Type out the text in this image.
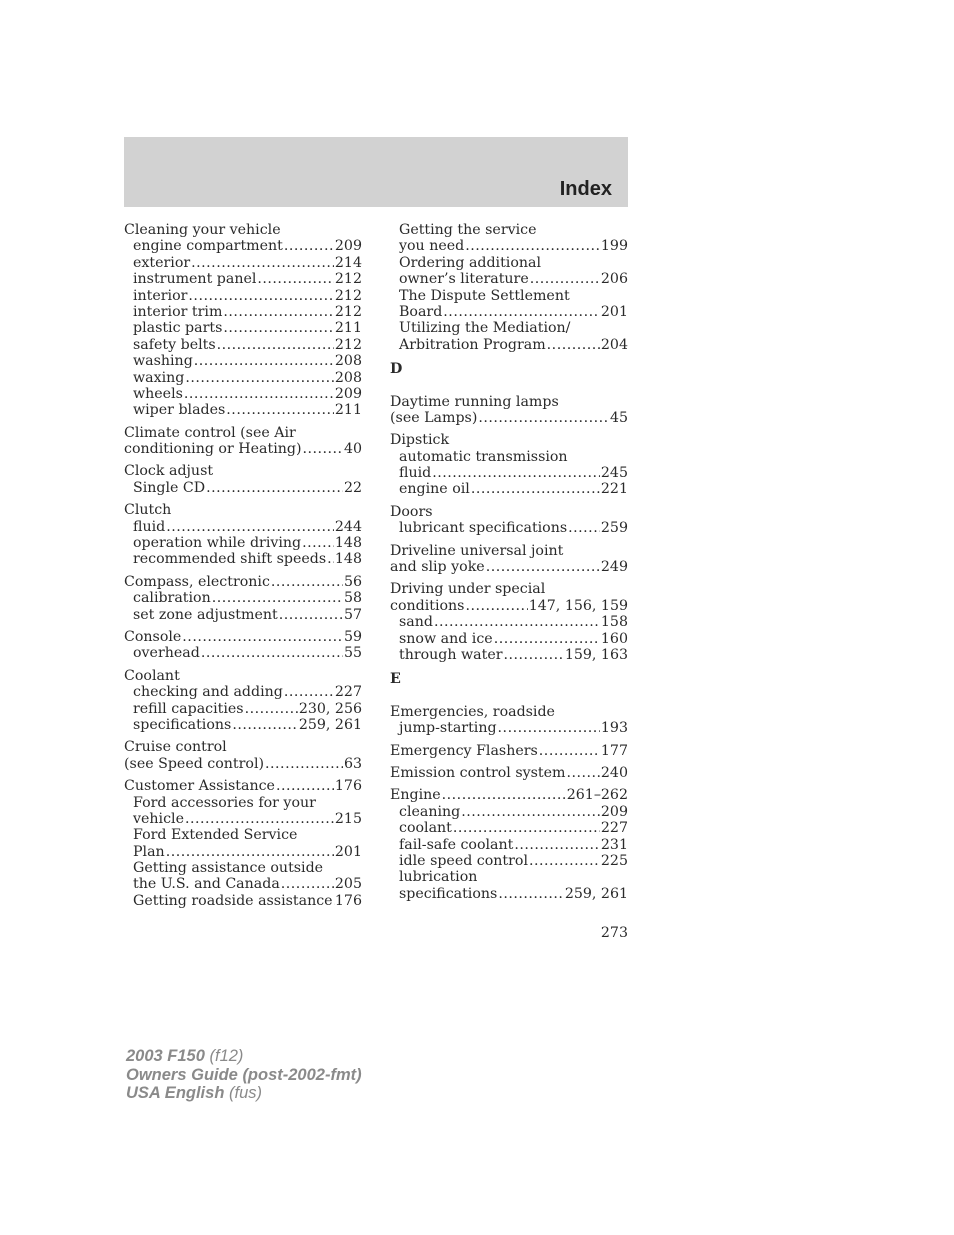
Index
Cleaning your vehicle
engine compartment .....	209
exterior .....	214
instrument panel .....	212
interior .....	212
interior trim .....	212
plastic parts .....	211
safety belts .....	212
washing .....	208
waxing .....	208
wheels .....	209
wiper blades .....	211
Climate control (see Air
conditioning or Heating) .....	40
Clock adjust
Single CD .....	22
Clutch
fluid .....	244
operation while driving ..... 148
recommended shift speeds ..... 148
Compass, electronic .....	56
calibration .....	58
set zone adjustment .....	57
Console .....	59
overhead .....	55
Coolant
checking and adding .....	227
refill capacities .....	230, 256
specifications .....	259, 261
Cruise control
(see Speed control) .....	63
Customer Assistance .....	176
Ford accessories for your
vehicle .....	215
Ford Extended Service
Plan .....	201
Getting assistance outside
the U.S. and Canada .....	205
Getting roadside assistance ..... 176
Getting the service
you need .....	199
Ordering additional
owner’s literature .....	206
The Dispute Settlement
Board .....	201
Utilizing the Mediation/
Arbitration Program .....	204
D
Daytime running lamps
(see Lamps) .....	45
Dipstick
automatic transmission
fluid .....	245
engine oil .....	221
Doors
lubricant specifications ..... 259
Driveline universal joint
and slip yoke .....	249
Driving under special
conditions .....	147, 156, 159
sand .....	158
snow and ice .....	160
through water .....	159, 163
E
Emergencies, roadside
jump-starting .....	193
Emergency Flashers .....	177
Emission control system ..... 240
Engine .....	261–262
cleaning .....	209
coolant .....	227
fail-safe coolant .....	231
idle speed control .....	225
lubrication
specifications .....	259, 261
273
2003 F150 (f12)
Owners Guide (post-2002-fmt)
USA English (fus)
